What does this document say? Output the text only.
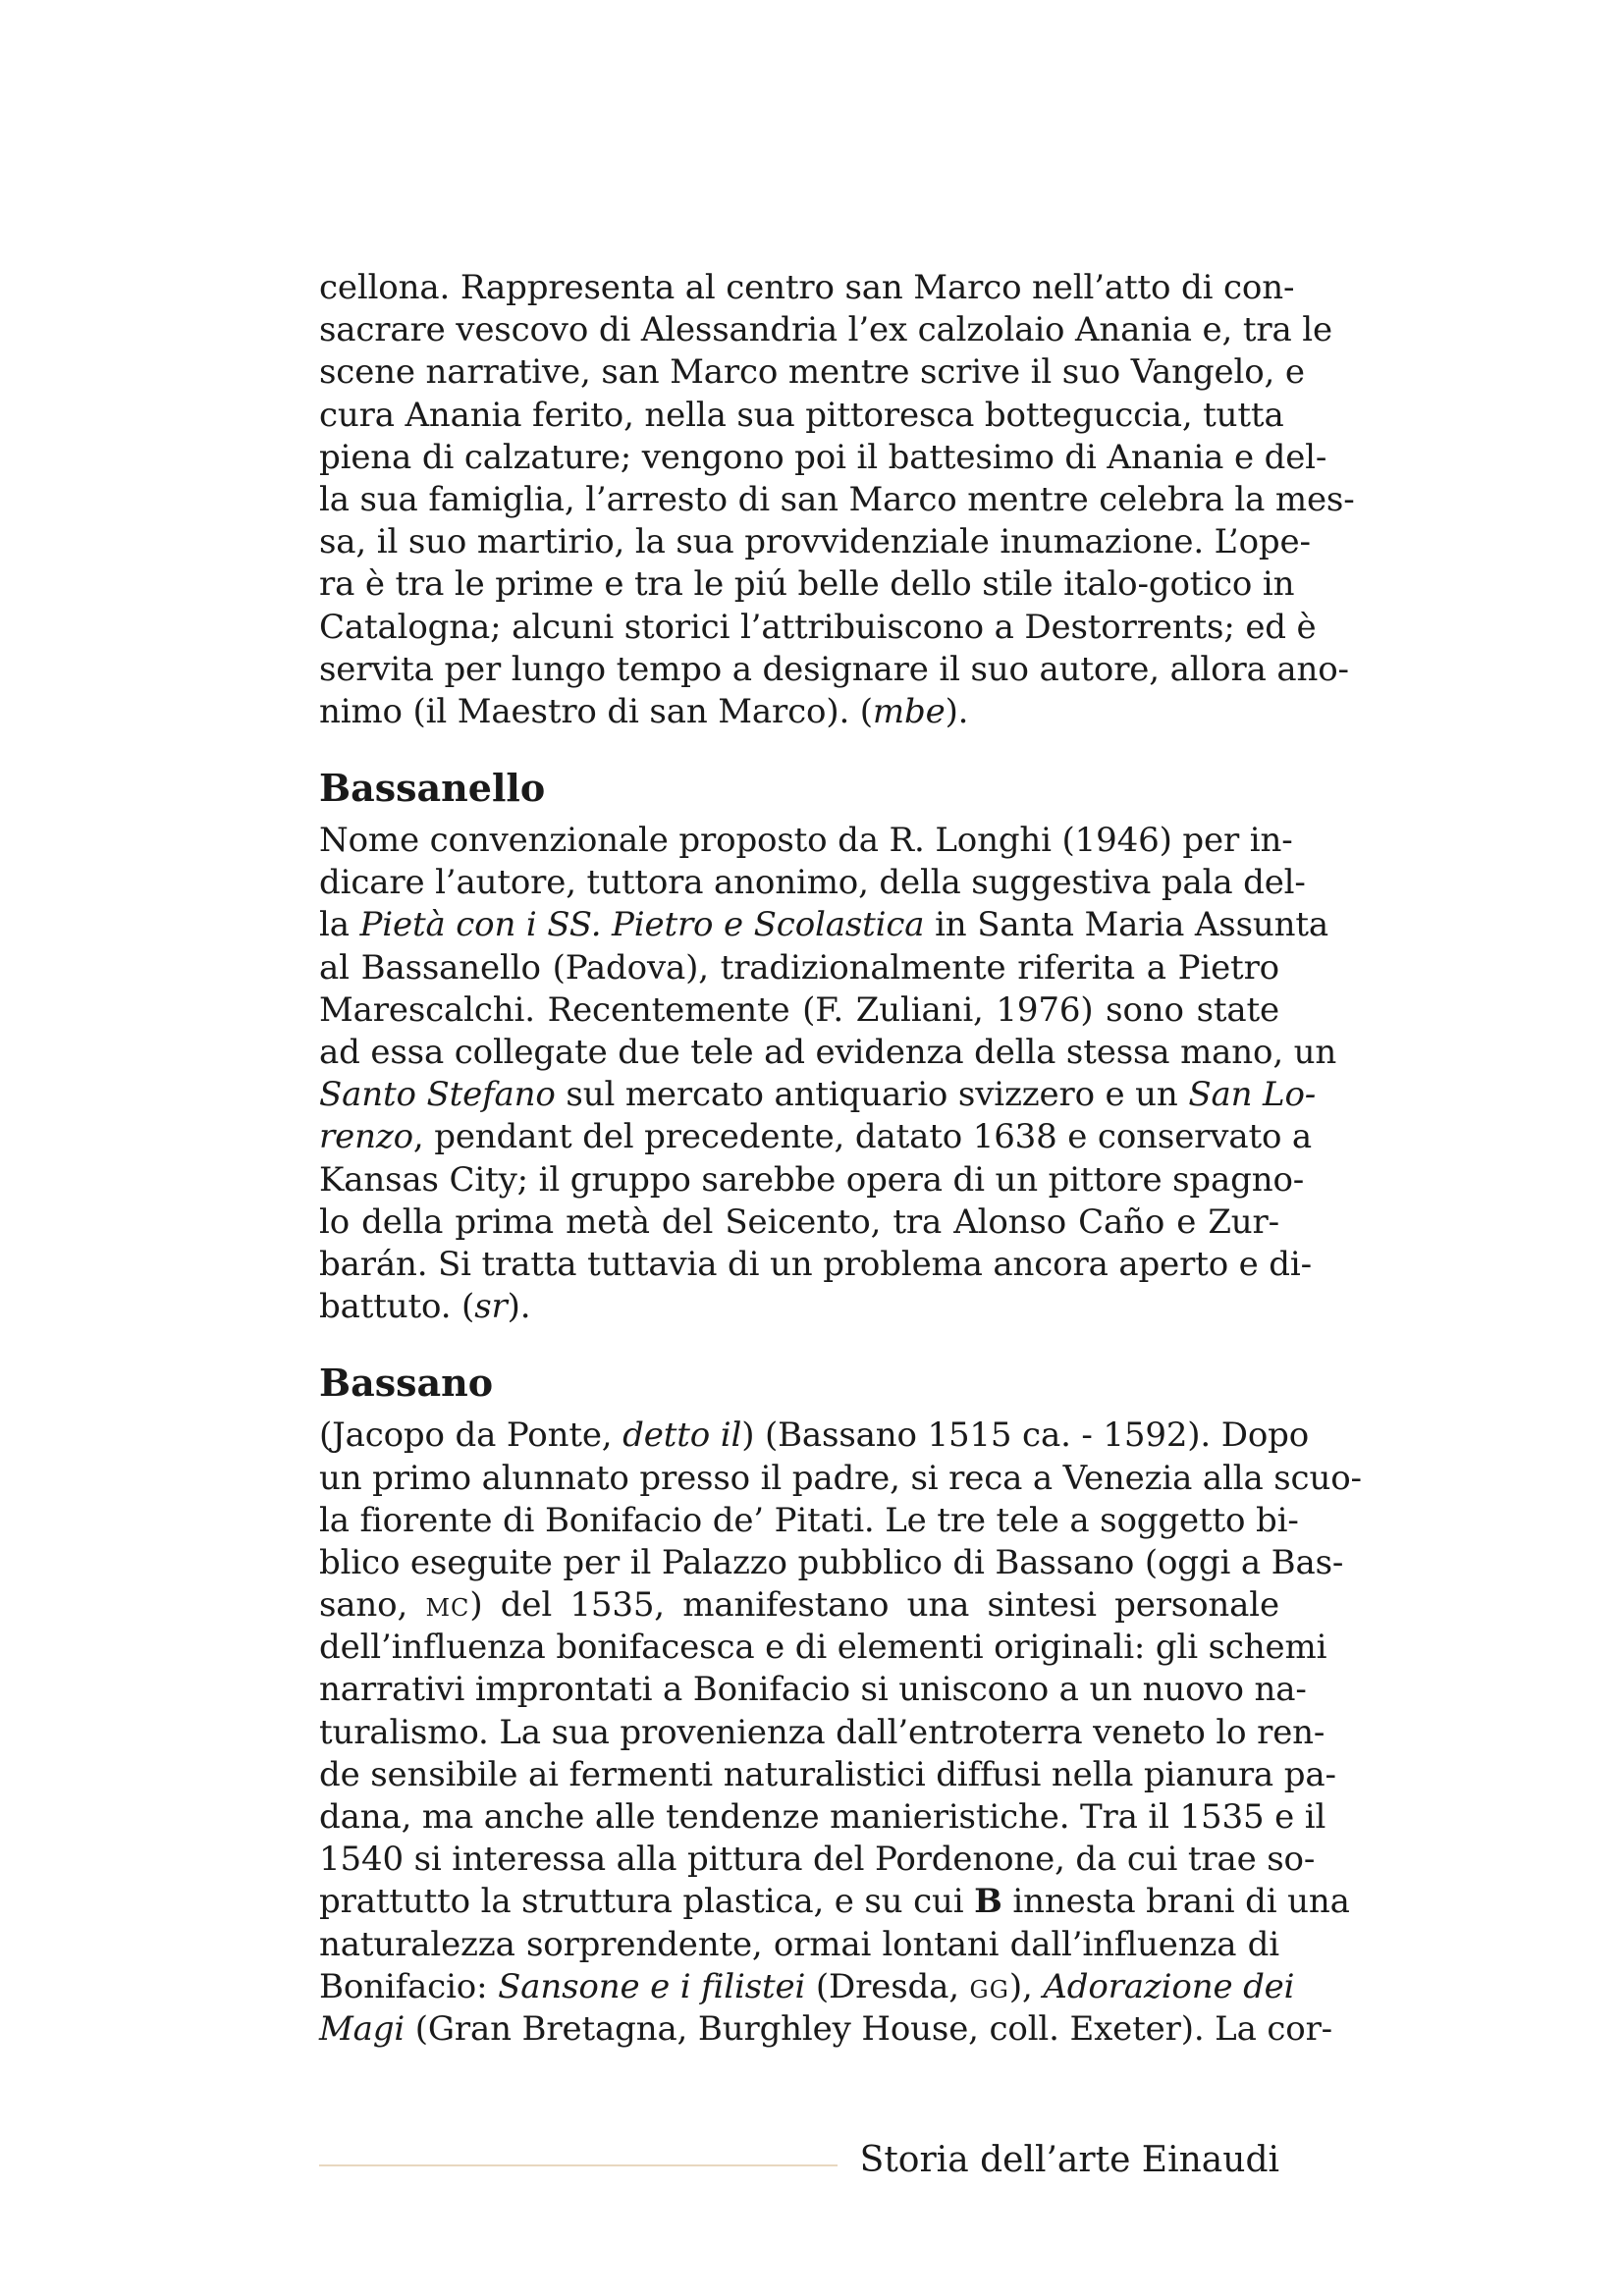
cellona. Rappresenta al centro san Marco nell’atto di con-
sacrare vescovo di Alessandria l’ex calzolaio Anania e, tra le
scene narrative, san Marco mentre scrive il suo Vangelo, e
cura Anania ferito, nella sua pittoresca botteguccia, tutta
piena di calzature; vengono poi il battesimo di Anania e del-
la sua famiglia, l’arresto di san Marco mentre celebra la mes-
sa, il suo martirio, la sua provvidenziale inumazione. L’ope-
ra è tra le prime e tra le piú belle dello stile italo-gotico in
Catalogna; alcuni storici l’attribuiscono a Destorrents; ed è
servita per lungo tempo a designare il suo autore, allora ano-
nimo (il Maestro di san Marco). (mbe).
Bassanello
Nome convenzionale proposto da R. Longhi (1946) per in-
dicare l’autore, tuttora anonimo, della suggestiva pala del-
la Pietà con i SS. Pietro e Scolastica in Santa Maria Assunta
al Bassanello (Padova), tradizionalmente riferita a Pietro
Marescalchi. Recentemente (F. Zuliani, 1976) sono state
ad essa collegate due tele ad evidenza della stessa mano, un
Santo Stefano sul mercato antiquario svizzero e un San Lo-
renzo, pendant del precedente, datato 1638 e conservato a
Kansas City; il gruppo sarebbe opera di un pittore spagno-
lo della prima metà del Seicento, tra Alonso Caño e Zur-
barán. Si tratta tuttavia di un problema ancora aperto e di-
battuto. (sr).
Bassano
(Jacopo da Ponte, detto il) (Bassano 1515 ca. - 1592). Dopo
un primo alunnato presso il padre, si reca a Venezia alla scuo-
la fiorente di Bonifacio de’ Pitati. Le tre tele a soggetto bi-
blico eseguite per il Palazzo pubblico di Bassano (oggi a Bas-
sano, MC) del 1535, manifestano una sintesi personale
dell’influenza bonifacesca e di elementi originali: gli schemi
narrativi improntati a Bonifacio si uniscono a un nuovo na-
turalismo. La sua provenienza dall’entroterra veneto lo ren-
de sensibile ai fermenti naturalistici diffusi nella pianura pa-
dana, ma anche alle tendenze manieristiche. Tra il 1535 e il
1540 si interessa alla pittura del Pordenone, da cui trae so-
prattutto la struttura plastica, e su cui B innesta brani di una
naturalezza sorprendente, ormai lontani dall’influenza di
Bonifacio: Sansone e i filistei (Dresda, GG), Adorazione dei
Magi (Gran Bretagna, Burghley House, coll. Exeter). La cor-
Storia dell’arte Einaudi
